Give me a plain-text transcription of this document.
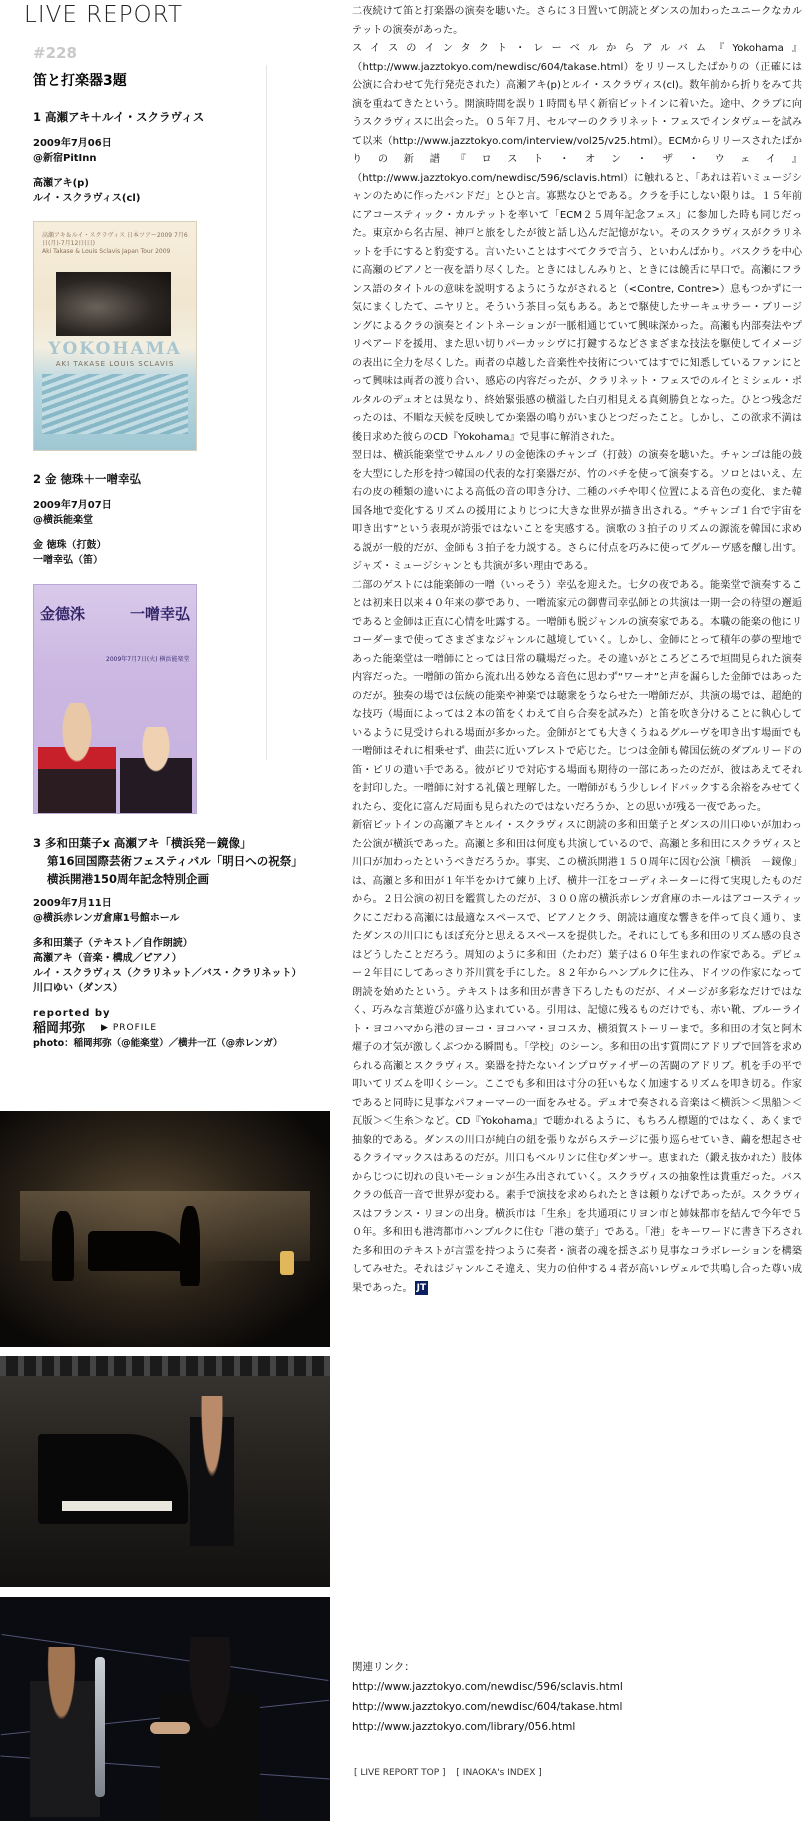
LIVE REPORT
#228
笛と打楽器3題

1 高瀬アキ＋ルイ・スクラヴィス

2009年7月06日
@新宿PitInn
高瀬アキ(p)
ルイ・スクラヴィス(cl)
高瀬アキ＆ルイ・スクラヴィス 日本ツアー2009 7月6日(月)-7月12日(日)
Aki Takase & Louis Sclavis Japan Tour 2009
YOKOHAMA
AKI TAKASE LOUIS SCLAVIS

2 金 徳珠＋一噌幸弘

2009年7月07日
@横浜能楽堂
金 徳珠（打鼓）
一噌幸弘（笛）
金德洙	一噌幸弘
2009年7月7日(火) 横浜能楽堂

3 多和田葉子x 高瀬アキ「横浜発－鏡像」

第16回国際芸術フェスティバル「明日への祝祭」

横浜開港150周年記念特別企画

2009年7月11日
@横浜赤レンガ倉庫1号館ホール
多和田葉子（テキスト／自作朗読）
高瀬アキ（音楽・構成／ピアノ）
ルイ・スクラヴィス（クラリネット／バス・クラリネット）
川口ゆい（ダンス）
reported by
稲岡邦弥 ▶ PROFILE
photo：稲岡邦弥（@能楽堂）／横井一江（@赤レンガ）

二夜続けて笛と打楽器の演奏を聴いた。さらに３日置いて朗読とダンスの加わったユニークなカルテットの演奏があった。

スイスのインタクト・レーベルからアルバム『Yokohama』（http://www.jazztokyo.com/newdisc/604/takase.html）をリリースしたばかりの（正確には公演に合わせて先行発売された）高瀬アキ(p)とルイ・スクラヴィス(cl)。数年前から折りをみて共演を重ねてきたという。開演時間を誤り１時間も早く新宿ピットインに着いた。途中、クラブに向うスクラヴィスに出会った。０５年７月、セルマーのクラリネット・フェスでインタヴューを試みて以来（http://www.jazztokyo.com/interview/vol25/v25.html）。ECMからリリースされたばかりの新譜『ロスト・オン・ザ・ウェイ』（http://www.jazztokyo.com/newdisc/596/sclavis.html）に触れると、「あれは若いミュージシャンのために作ったバンドだ」とひと言。寡黙なひとである。クラを手にしない限りは。１５年前にアコースティック・カルテットを率いて「ECM２５周年記念フェス」に参加した時も同じだった。東京から名古屋、神戸と旅をしたが彼と話し込んだ記憶がない。そのスクラヴィスがクラリネットを手にすると豹変する。言いたいことはすべてクラで言う、といわんばかり。バスクラを中心に高瀬のピアノと一夜を語り尽くした。ときにはしんみりと、ときには饒舌に早口で。高瀬にフランス語のタイトルの意味を説明するようにうながされると（<Contre, Contre>）息もつかずに一気にまくしたて、ニヤリと。そういう茶目っ気もある。あとで駆使したサーキュサラー・ブリージングによるクラの演奏とイントネーションが一脈相通じていて興味深かった。高瀬も内部奏法やプリペアードを援用、また思い切りパーカッシヴに打鍵するなどさまざまな技法を駆使してイメージの表出に全力を尽くした。両者の卓越した音楽性や技術についてはすでに知悉しているファンにとって興味は両者の渡り合い、感応の内容だったが、クラリネット・フェスでのルイとミシェル・ポルタルのデュオとは異なり、終始緊張感の横溢した白刃相見える真剣勝負となった。ひとつ残念だったのは、不順な天候を反映してか楽器の鳴りがいまひとつだったこと。しかし、この欲求不満は後日求めた彼らのCD『Yokohama』で見事に解消された。

翌日は、横浜能楽堂でサムルノリの金徳洙のチャンゴ（打鼓）の演奏を聴いた。チャンゴは能の鼓を大型にした形を持つ韓国の代表的な打楽器だが、竹のバチを使って演奏する。ソロとはいえ、左右の皮の種類の違いによる高低の音の叩き分け、二種のバチや叩く位置による音色の変化、また韓国各地で変化するリズムの援用によりじつに大きな世界が描き出される。“チャンゴ１台で宇宙を叩き出す”という表現が誇張ではないことを実感する。演歌の３拍子のリズムの源流を韓国に求める説が一般的だが、金師も３拍子を力説する。さらに付点を巧みに使ってグルーヴ感を醸し出す。ジャズ・ミュージシャンとも共演が多い理由である。

二部のゲストには能楽師の一噌（いっそう）幸弘を迎えた。七夕の夜である。能楽堂で演奏することは初来日以来４０年来の夢であり、一噌流家元の御曹司幸弘師との共演は一期一会の待望の邂逅であると金師は正直に心情を吐露する。一噌師も脱ジャンルの演奏家である。本職の能楽の他にリコーダーまで使ってさまざまなジャンルに越境していく。しかし、金師にとって積年の夢の聖地であった能楽堂は一噌師にとっては日常の職場だった。その違いがところどころで垣間見られた演奏内容だった。一噌師の笛から流れ出る妙なる音色に思わず“ワーオ”と声を漏らした金師ではあったのだが。独奏の場では伝統の能楽や神楽では聴衆をうならせた一噌師だが、共演の場では、超絶的な技巧（場面によっては２本の笛をくわえて自ら合奏を試みた）と笛を吹き分けることに執心しているように見受けられる場面が多かった。金師がとても大きくうねるグルーヴを叩き出す場面でも一噌師はそれに相乗せず、曲芸に近いブレストで応じた。じつは金師も韓国伝統のダブルリードの笛・ピリの遣い手である。彼がピリで対応する場面も期待の一部にあったのだが、彼はあえてそれを封印した。一噌師に対する礼儀と理解した。一噌師がもう少しレイドバックする余裕をみせてくれたら、変化に富んだ局面も見られたのではないだろうか、との思いが残る一夜であった。

新宿ピットインの高瀬アキとルイ・スクラヴィスに朗読の多和田葉子とダンスの川口ゆいが加わった公演が横浜であった。高瀬と多和田は何度も共演しているので、高瀬と多和田にスクラヴィスと川口が加わったというべきだろうか。事実、この横浜開港１５０周年に因む公演「横浜　－鏡像」は、高瀬と多和田が１年半をかけて練り上げ、横井一江をコーディネーターに得て実現したものだから。２日公演の初日を鑑賞したのだが、３００席の横浜赤レンガ倉庫のホールはアコースティックにこだわる高瀬には最適なスペースで、ピアノとクラ、朗読は適度な響きを伴って良く通り、またダンスの川口にもほぼ充分と思えるスペースを提供した。それにしても多和田のリズム感の良さはどうしたことだろう。周知のように多和田（たわだ）葉子は６０年生まれの作家である。デビュー２年目にしてあっさり芥川賞を手にした。８２年からハンブルクに住み、ドイツの作家になって朗読を始めたという。テキストは多和田が書き下ろしたものだが、イメージが多彩なだけではなく、巧みな言葉遊びが盛り込まれている。引用は、記憶に残るものだけでも、赤い靴、ブルーライト・ヨコハマから港のヨーコ・ヨコハマ・ヨコスカ、横須賀ストーリーまで。多和田の才気と阿木燿子の才気が激しくぶつかる瞬間も。「学校」のシーン。多和田の出す質問にアドリブで回答を求められる高瀬とスクラヴィス。楽器を持たないインプロヴァイザーの苦闘のアドリブ。机を手の平で叩いてリズムを叩くシーン。ここでも多和田は寸分の狂いもなく加速するリズムを叩き切る。作家であると同時に見事なパフォーマーの一面をみせる。デュオで奏される音楽は＜横浜＞＜黒船＞＜瓦版＞＜生糸＞など。CD『Yokohama』で聴かれるように、もちろん標題的ではなく、あくまで抽象的である。ダンスの川口が純白の紐を張りながらステージに張り巡らせていき、繭を想起させるクライマックスはあるのだが。川口もベルリンに住むダンサー。恵まれた（鍛え抜かれた）肢体からじつに切れの良いモーションが生み出されていく。スクラヴィスの抽象性は貴重だった。バスクラの低音一音で世界が変わる。素手で演技を求められたときは頼りなげであったが。スクラヴィスはフランス・リヨンの出身。横浜市は「生糸」を共通項にリヨン市と姉妹都市を結んで今年で５０年。多和田も港湾都市ハンブルクに住む「港の葉子」である。「港」をキーワードに書き下ろされた多和田のテキストが言霊を持つように奏者・演者の魂を揺さぶり見事なコラボレーションを構築してみせた。それはジャンルこそ違え、実力の伯仲する４者が高いレヴェルで共鳴し合った尊い成果であった。 JT

関連リンク：
http://www.jazztokyo.com/newdisc/596/sclavis.html
http://www.jazztokyo.com/newdisc/604/takase.html
http://www.jazztokyo.com/library/056.html
[ LIVE REPORT TOP ] [ INAOKA's INDEX ]
